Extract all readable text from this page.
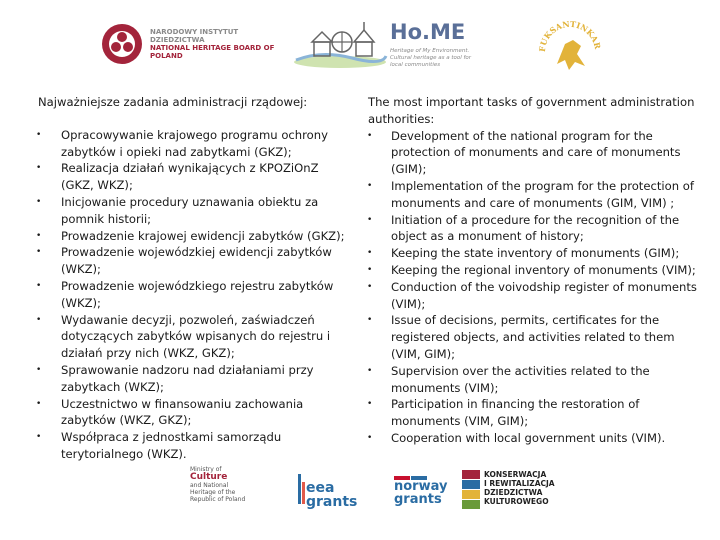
NARODOWY INSTYTUT
DZIEDZICTWA
NATIONAL HERITAGE BOARD OF POLAND
Ho.ME
Heritage of My Environment. Cultural heritage as a tool for local communities
FUKSANTINKAR

Najważniejsze zadania administracji rządowej:

• Opracowywanie krajowego programu ochrony zabytków i opieki nad zabytkami (GKZ);
• Realizacja działań wynikających z KPOZiOnZ (GKZ, WKZ);
• Inicjowanie procedury uznawania obiektu za pomnik historii;
• Prowadzenie krajowej ewidencji zabytków (GKZ);
• Prowadzenie wojewódzkiej ewidencji zabytków (WKZ);
• Prowadzenie wojewódzkiego rejestru zabytków (WKZ);
• Wydawanie decyzji, pozwoleń, zaświadczeń dotyczących zabytków wpisanych do rejestru i działań przy nich (WKZ, GKZ);
• Sprawowanie nadzoru nad działaniami przy zabytkach (WKZ);
• Uczestnictwo w finansowaniu zachowania zabytków (WKZ, GKZ);
• Współpraca z jednostkami samorządu terytorialnego (WKZ).

The most important tasks of government administration authorities:

• Development of the national program for the protection of monuments and care of monuments (GIM);
• Implementation of the program for the protection of monuments and care of monuments (GIM, VIM) ;
• Initiation of a procedure for the recognition of the object as a monument of history;
• Keeping the state inventory of monuments (GIM);
• Keeping the regional inventory of monuments (VIM);
• Conduction of the voivodship register of monuments (VIM);
• Issue of decisions, permits, certificates for the registered objects, and activities related to them (VIM, GIM);
• Supervision over the activities related to the monuments (VIM);
• Participation in financing the restoration of monuments (VIM, GIM);
• Cooperation with local government units (VIM).
Ministry of
Culture
and National Heritage of the Republic of Poland
eea
grants
norway
grants
KONSERWACJA
I REWITALIZACJA
DZIEDZICTWA
KULTUROWEGO
